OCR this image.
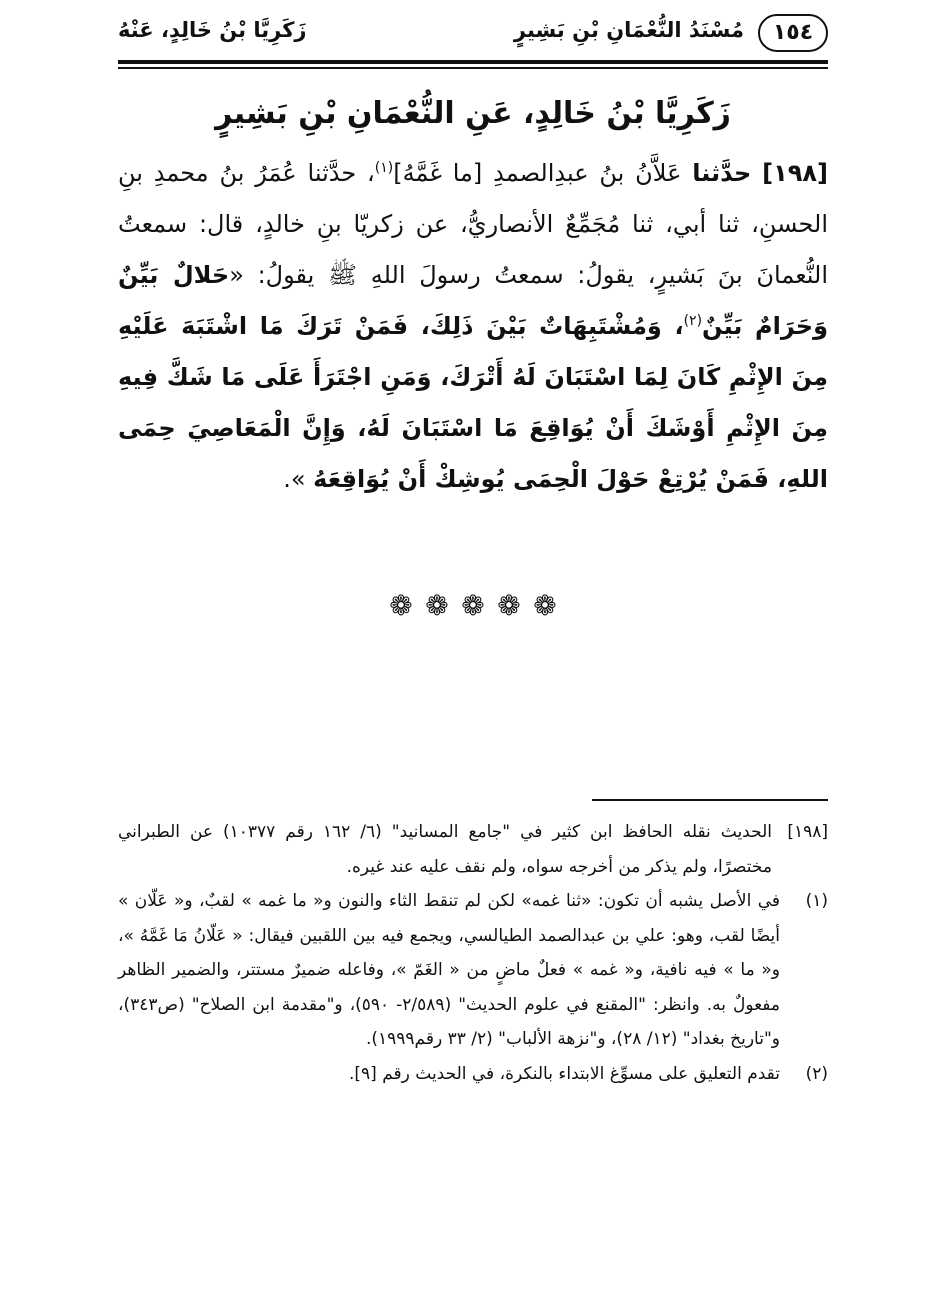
١٥٤
مُسْنَدُ النُّعْمَانِ بْنِ بَشِيرٍ
زَكَرِيَّا بْنُ خَالِدٍ، عَنْهُ
زَكَرِيَّا بْنُ خَالِدٍ، عَنِ النُّعْمَانِ بْنِ بَشِيرٍ
[١٩٨] حدَّثنا عَلاَّنُ بنُ عبدِالصمدِ [ما غَمَّهُ]$^{(١)}$، حدَّثنا عُمَرُ بنُ محمدِ بنِ الحسنِ، ثنا أبي، ثنا مُجَمِّعٌ الأنصاريُّ، عن زكريّا بنِ خالدٍ، قال: سمعتُ النُّعمانَ بنَ بَشيرٍ، يقولُ: سمعتُ رسولَ اللهِ ﷺ يقولُ: «حَلالٌ بَيِّنٌ وَحَرَامٌ بَيِّنٌ$^{(٢)}$، وَمُشْتَبِهَاتٌ بَيْنَ ذَلِكَ، فَمَنْ تَرَكَ مَا اشْتَبَهَ عَلَيْهِ مِنَ الإِثْمِ كَانَ لِمَا اسْتَبَانَ لَهُ أَتْرَكَ، وَمَنِ اجْتَرَأَ عَلَى مَا شَكَّ فِيهِ مِنَ الإِثْمِ أَوْشَكَ أَنْ يُوَاقِعَ مَا اسْتَبَانَ لَهُ، وَإِنَّ الْمَعَاصِيَ حِمَى اللهِ، فَمَنْ يُرْتِعْ حَوْلَ الْحِمَى يُوشِكْ أَنْ يُوَاقِعَهُ ».
❁❁❁❁❁

[١٩٨]
الحديث نقله الحافظ ابن كثير في "جامع المسانيد" (٦/ ١٦٢ رقم ١٠٣٧٧) عن الطبراني مختصرًا، ولم يذكر من أخرجه سواه، ولم نقف عليه عند غيره.

(١)
في الأصل يشبه أن تكون: «ثنا غمه» لكن لم تنقط الثاء والنون و« ما غمه » لقبٌ، و« عَلّان » أيضًا لقب، وهو: علي بن عبدالصمد الطيالسي، ويجمع فيه بين اللقبين فيقال: « عَلّانُ مَا غَمَّهُ »، و« ما » فيه نافية، و« غمه » فعلٌ ماضٍ من « الغَمّ »، وفاعله ضميرٌ مستتر، والضمير الظاهر مفعولٌ به. وانظر: "المقنع في علوم الحديث" (٢/٥٨٩- ٥٩٠)، و"مقدمة ابن الصلاح" (ص٣٤٣)، و"تاريخ بغداد" (١٢/ ٢٨)، و"نزهة الألباب" (٢/ ٣٣ رقم١٩٩٩).

(٢)
تقدم التعليق على مسوِّغ الابتداء بالنكرة، في الحديث رقم [٩].
